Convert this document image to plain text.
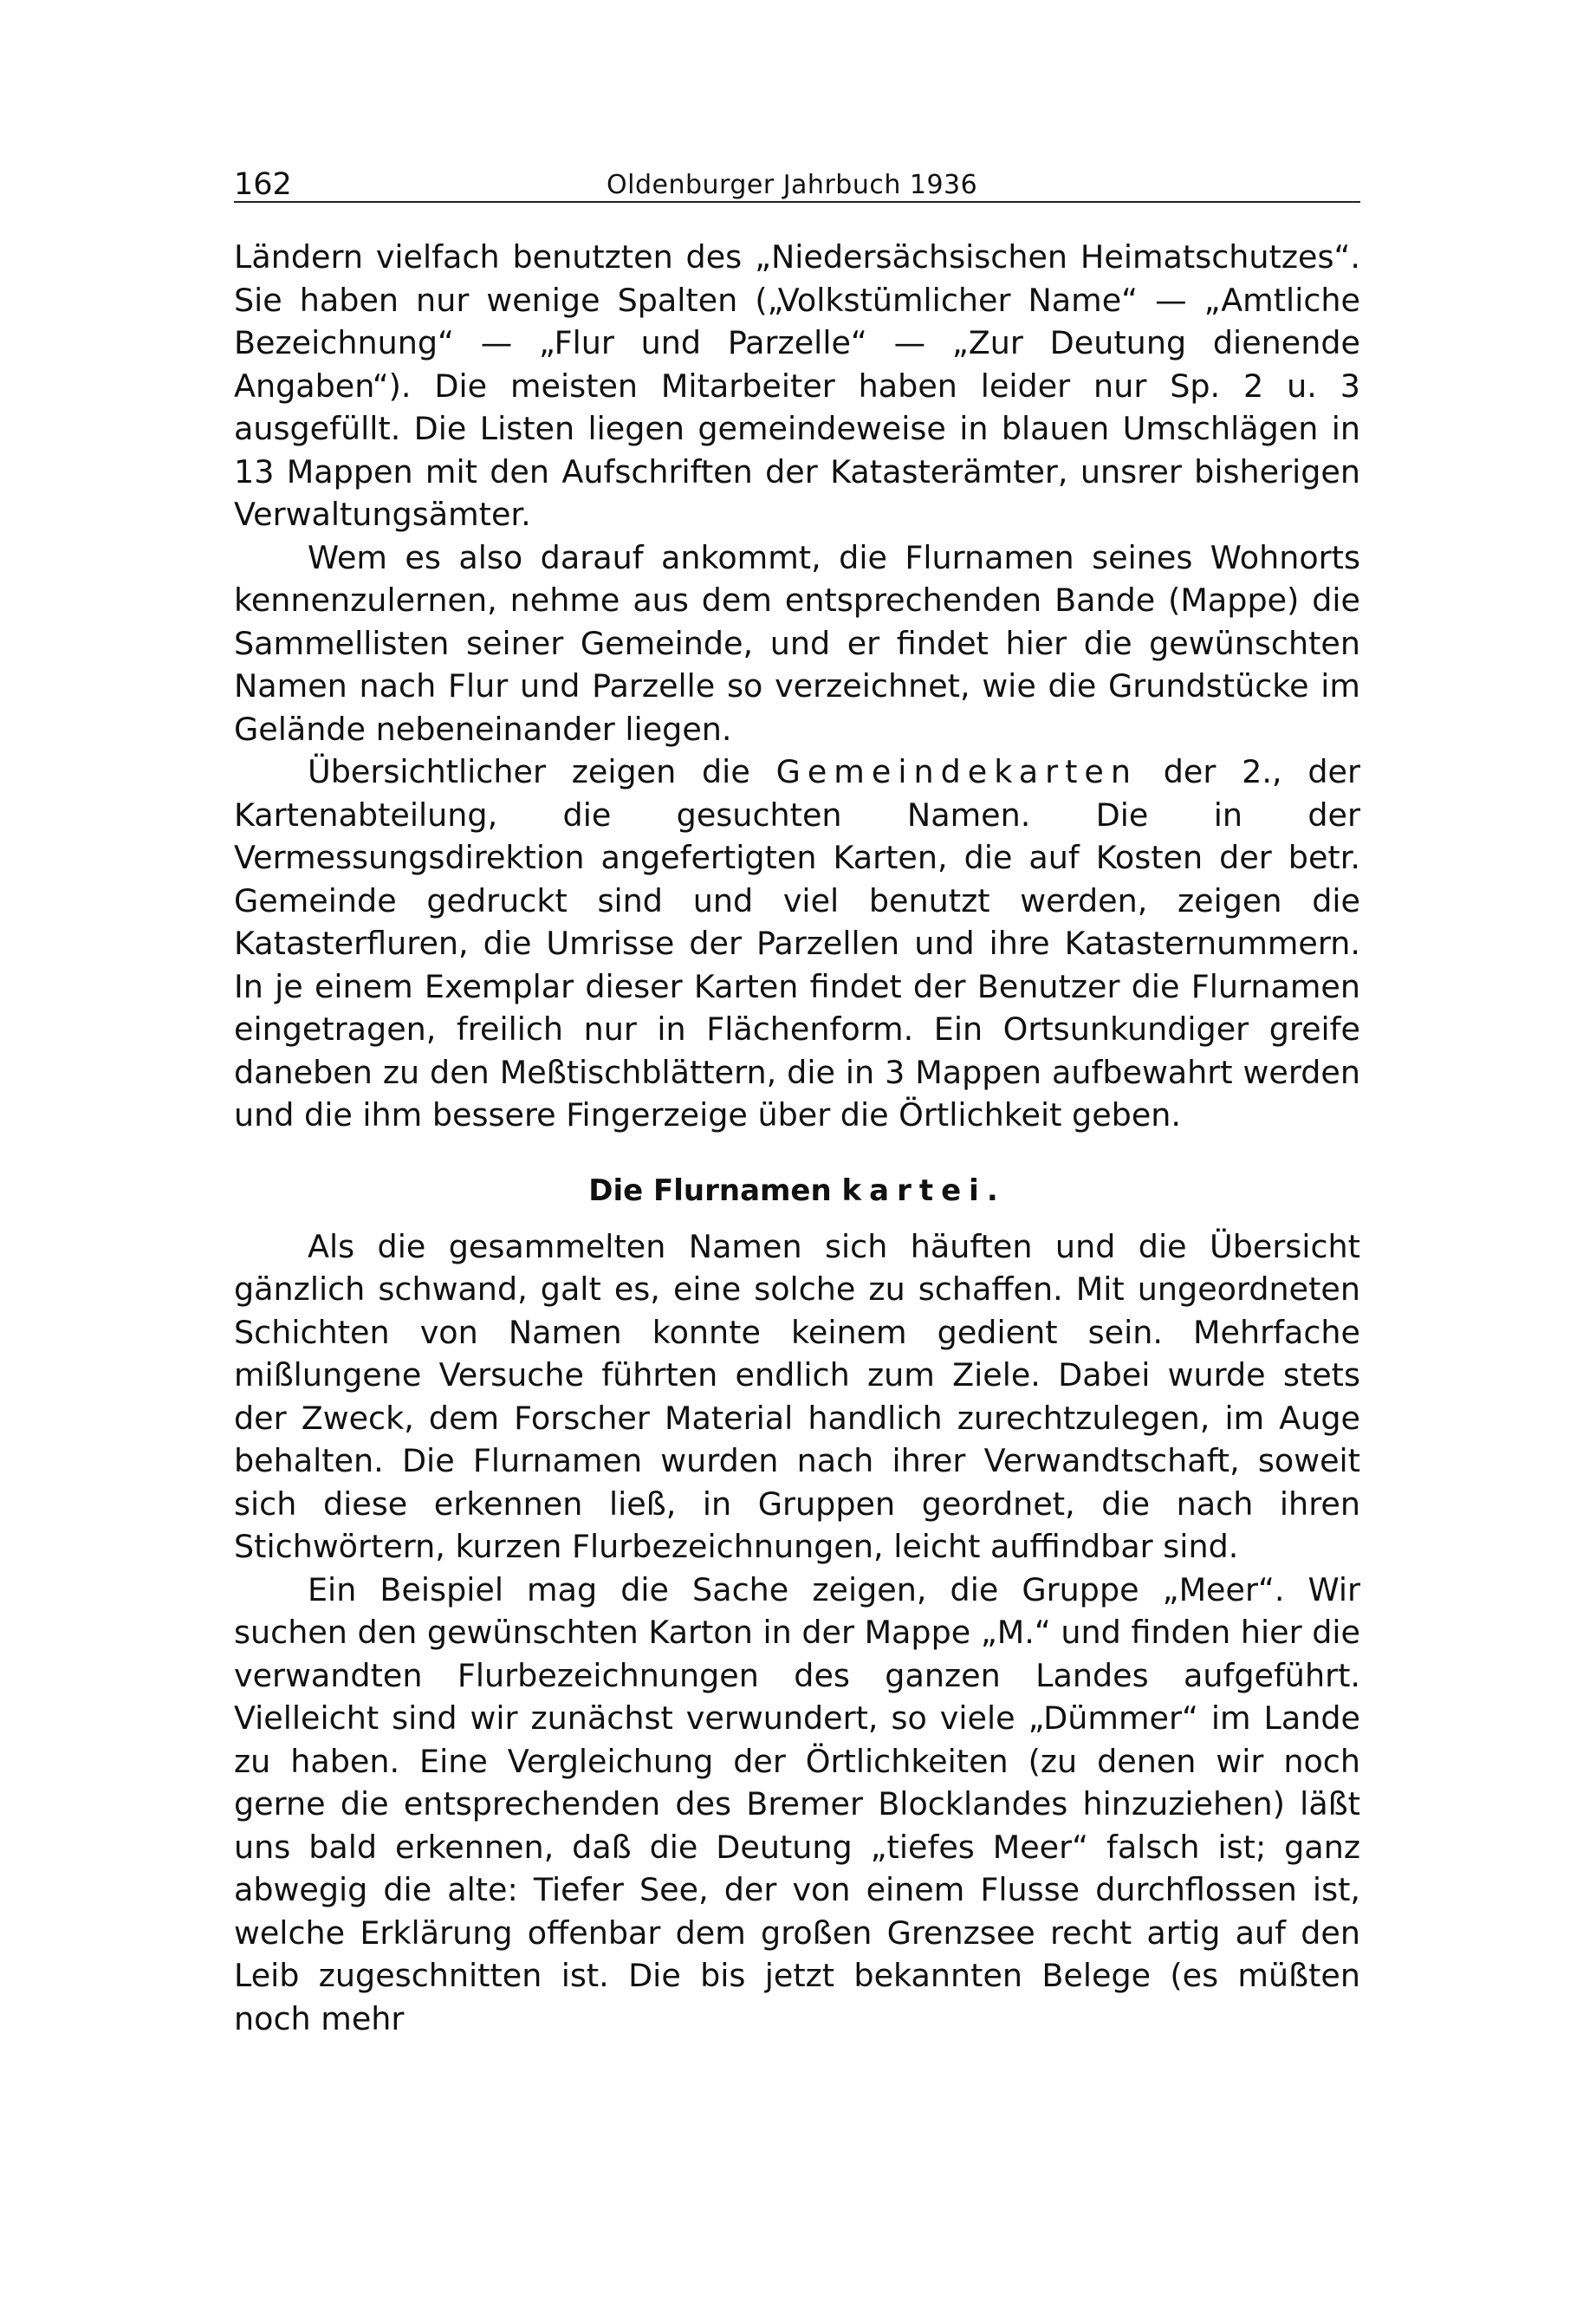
162	Oldenburger Jahrbuch 1936

Ländern vielfach benutzten des „Niedersächsischen Heimatschutzes“. Sie haben nur wenige Spalten („Volkstümlicher Name“ — „Amtliche Bezeichnung“ — „Flur und Parzelle“ — „Zur Deutung dienende Angaben“). Die meisten Mitarbeiter haben leider nur Sp. 2 u. 3 ausgefüllt. Die Listen liegen gemeindeweise in blauen Umschlägen in 13 Mappen mit den Aufschriften der Katasterämter, unsrer bisherigen Verwaltungsämter.

Wem es also darauf ankommt, die Flurnamen seines Wohnorts kennenzulernen, nehme aus dem entsprechenden Bande (Mappe) die Sammellisten seiner Gemeinde, und er findet hier die gewünschten Namen nach Flur und Parzelle so verzeichnet, wie die Grundstücke im Gelände nebeneinander liegen.

Übersichtlicher zeigen die Gemeindekarten der 2., der Kartenabteilung, die gesuchten Namen. Die in der Vermessungsdirektion angefertigten Karten, die auf Kosten der betr. Gemeinde gedruckt sind und viel benutzt werden, zeigen die Katasterfluren, die Umrisse der Parzellen und ihre Katasternummern. In je einem Exemplar dieser Karten findet der Benutzer die Flurnamen eingetragen, freilich nur in Flächenform. Ein Ortsunkundiger greife daneben zu den Meßtischblättern, die in 3 Mappen aufbewahrt werden und die ihm bessere Fingerzeige über die Örtlichkeit geben.

Die Flurnamen kartei.

Als die gesammelten Namen sich häuften und die Übersicht gänzlich schwand, galt es, eine solche zu schaffen. Mit ungeordneten Schichten von Namen konnte keinem gedient sein. Mehrfache mißlungene Versuche führten endlich zum Ziele. Dabei wurde stets der Zweck, dem Forscher Material handlich zurechtzulegen, im Auge behalten. Die Flurnamen wurden nach ihrer Verwandtschaft, soweit sich diese erkennen ließ, in Gruppen geordnet, die nach ihren Stichwörtern, kurzen Flurbezeichnungen, leicht auffindbar sind.

Ein Beispiel mag die Sache zeigen, die Gruppe „Meer“. Wir suchen den gewünschten Karton in der Mappe „M.“ und finden hier die verwandten Flurbezeichnungen des ganzen Landes aufgeführt. Vielleicht sind wir zunächst verwundert, so viele „Dümmer“ im Lande zu haben. Eine Vergleichung der Örtlichkeiten (zu denen wir noch gerne die entsprechenden des Bremer Blocklandes hinzuziehen) läßt uns bald erkennen, daß die Deutung „tiefes Meer“ falsch ist; ganz abwegig die alte: Tiefer See, der von einem Flusse durchflossen ist, welche Erklärung offenbar dem großen Grenzsee recht artig auf den Leib zugeschnitten ist. Die bis jetzt bekannten Belege (es müßten noch mehr
